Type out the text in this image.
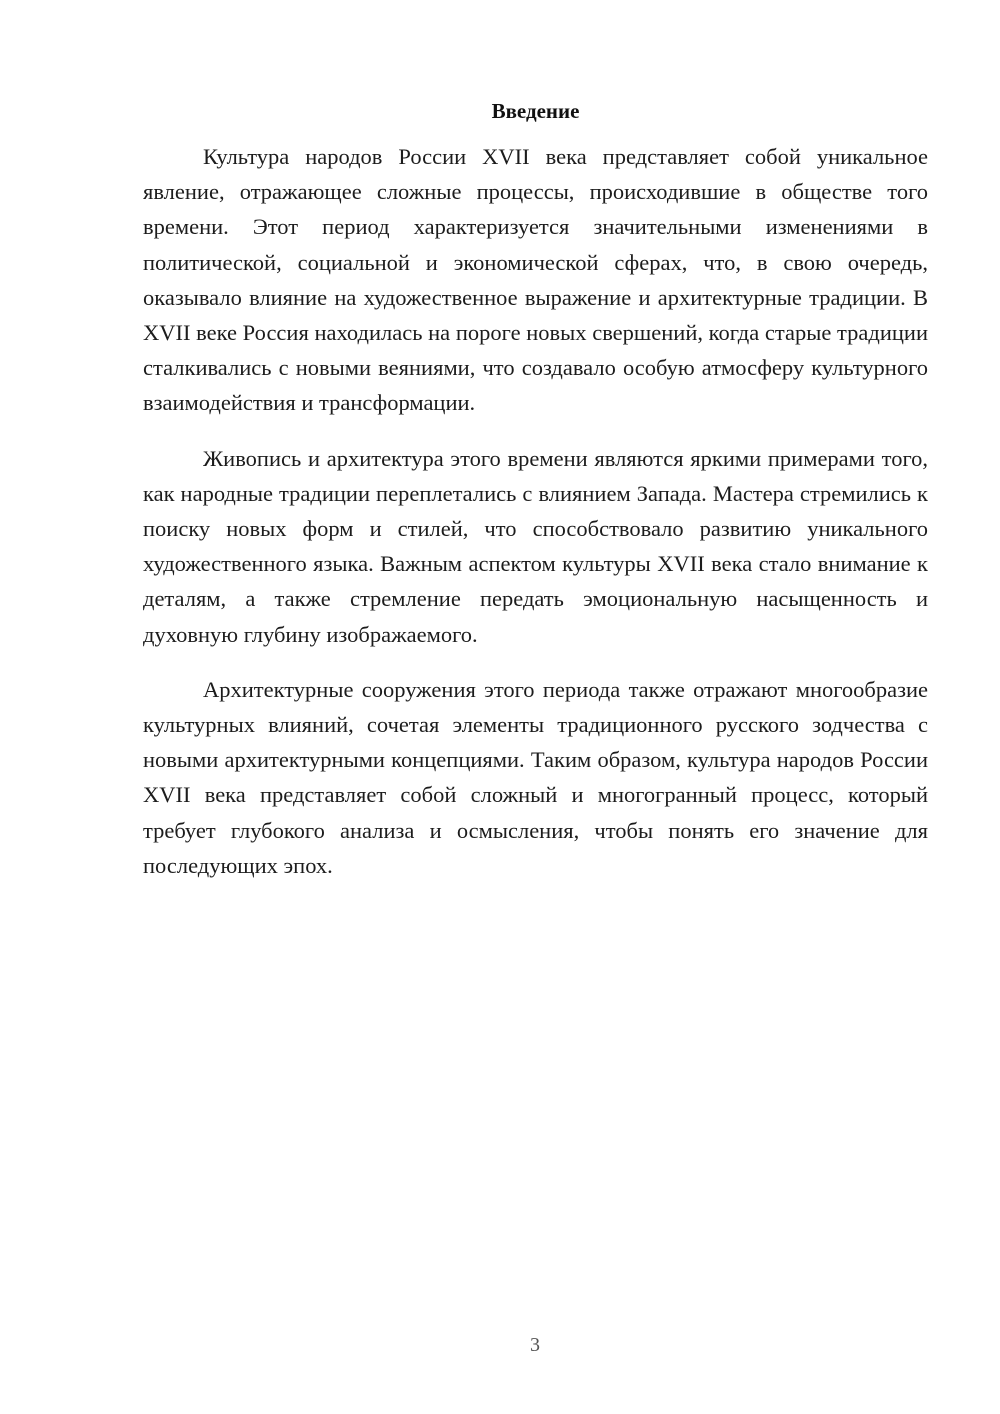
Введение

Культура народов России XVII века представляет собой уникальное явление, отражающее сложные процессы, происходившие в обществе того времени. Этот период характеризуется значительными изменениями в политической, социальной и экономической сферах, что, в свою очередь, оказывало влияние на художественное выражение и архитектурные традиции. В XVII веке Россия находилась на пороге новых свершений, когда старые традиции сталкивались с новыми веяниями, что создавало особую атмосферу культурного взаимодействия и трансформации.

Живопись и архитектура этого времени являются яркими примерами того, как народные традиции переплетались с влиянием Запада. Мастера стремились к поиску новых форм и стилей, что способствовало развитию уникального художественного языка. Важным аспектом культуры XVII века стало внимание к деталям, а также стремление передать эмоциональную насыщенность и духовную глубину изображаемого.

Архитектурные сооружения этого периода также отражают многообразие культурных влияний, сочетая элементы традиционного русского зодчества с новыми архитектурными концепциями. Таким образом, культура народов России XVII века представляет собой сложный и многогранный процесс, который требует глубокого анализа и осмысления, чтобы понять его значение для последующих эпох.

3
